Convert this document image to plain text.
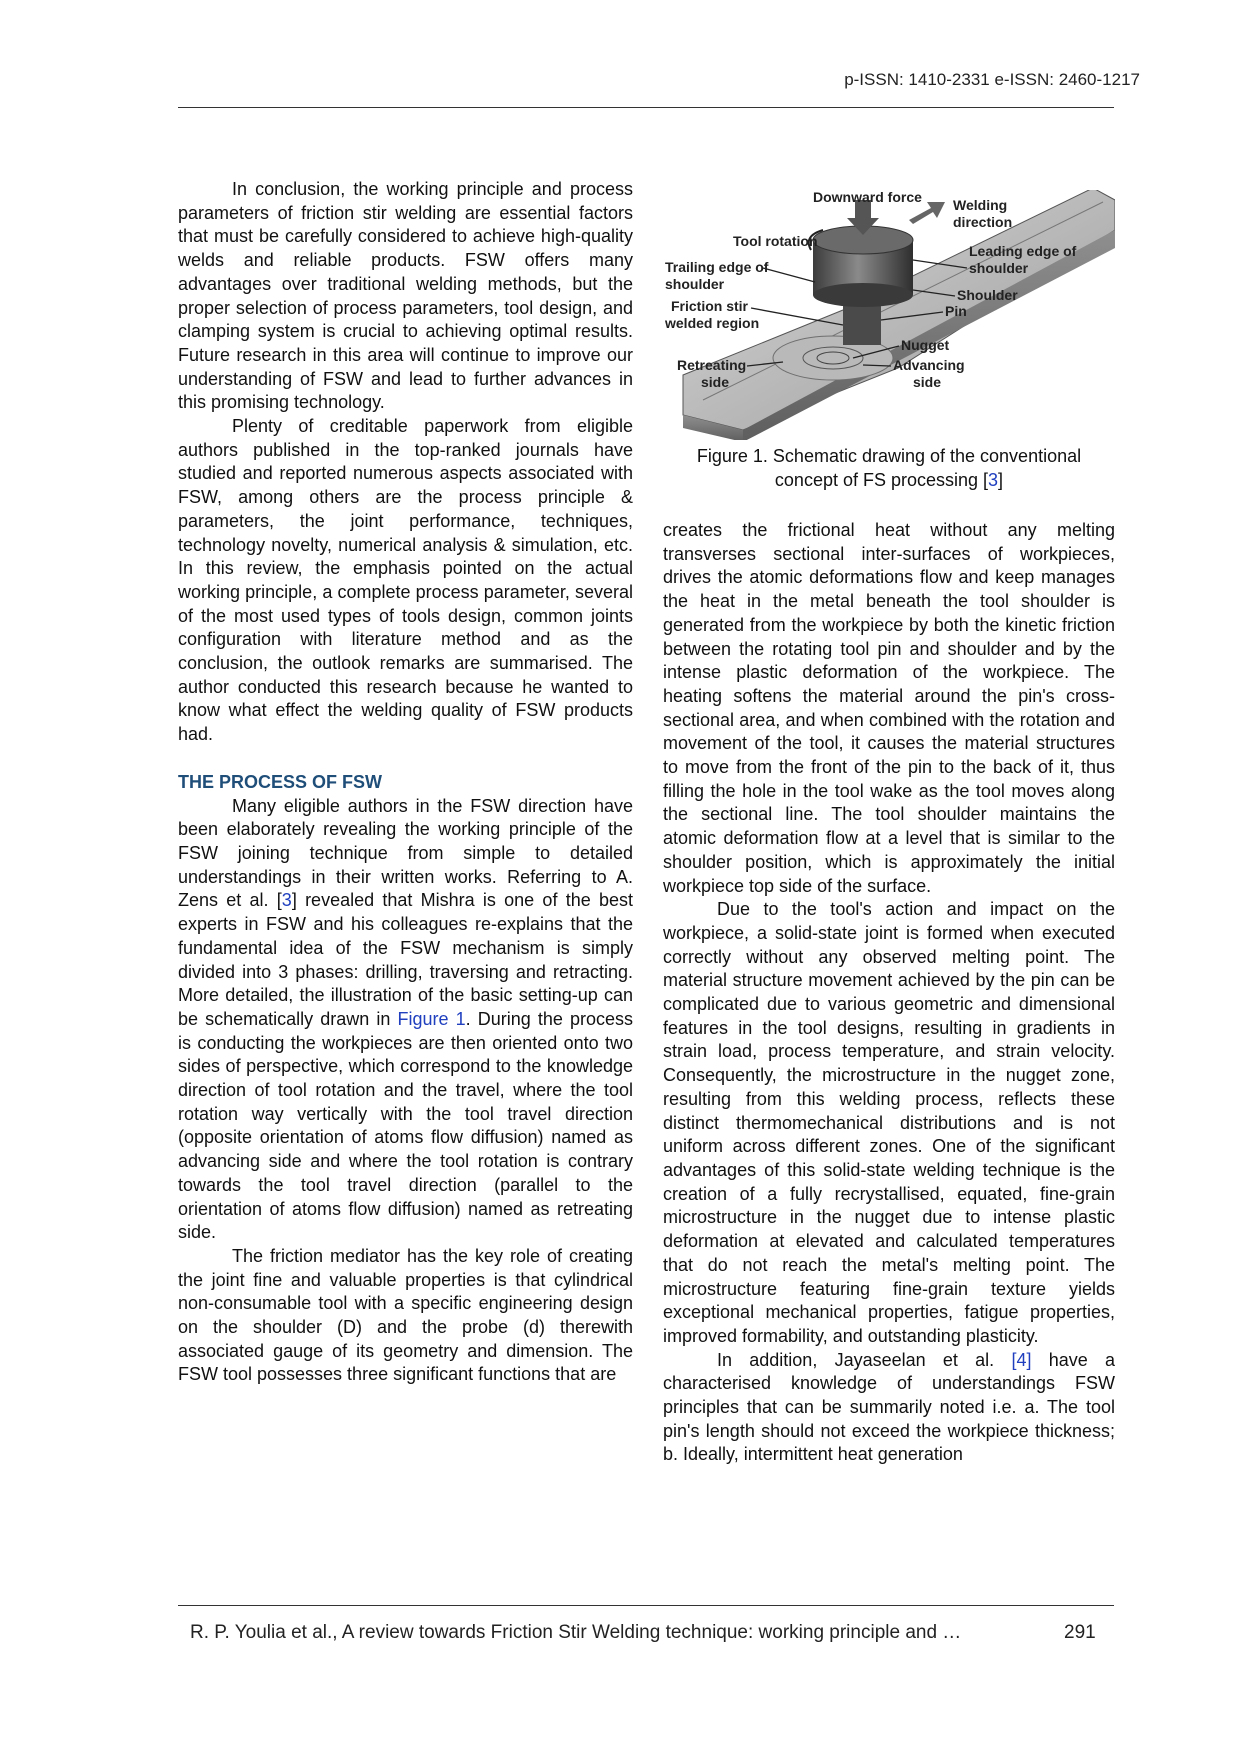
p-ISSN: 1410-2331 e-ISSN: 2460-1217

In conclusion, the working principle and process parameters of friction stir welding are essential factors that must be carefully considered to achieve high-quality welds and reliable products. FSW offers many advantages over traditional welding methods, but the proper selection of process parameters, tool design, and clamping system is crucial to achieving optimal results. Future research in this area will continue to improve our understanding of FSW and lead to further advances in this promising technology.

Plenty of creditable paperwork from eligible authors published in the top-ranked journals have studied and reported numerous aspects associated with FSW, among others are the process principle & parameters, the joint performance, techniques, technology novelty, numerical analysis & simulation, etc. In this review, the emphasis pointed on the actual working principle, a complete process parameter, several of the most used types of tools design, common joints configuration with literature method and as the conclusion, the outlook remarks are summarised. The author conducted this research because he wanted to know what effect the welding quality of FSW products had.

THE PROCESS OF FSW

Many eligible authors in the FSW direction have been elaborately revealing the working principle of the FSW joining technique from simple to detailed understandings in their written works. Referring to A. Zens et al. [3] revealed that Mishra is one of the best experts in FSW and his colleagues re-explains that the fundamental idea of the FSW mechanism is simply divided into 3 phases: drilling, traversing and retracting. More detailed, the illustration of the basic setting-up can be schematically drawn in Figure 1. During the process is conducting the workpieces are then oriented onto two sides of perspective, which correspond to the knowledge direction of tool rotation and the travel, where the tool rotation way vertically with the tool travel direction (opposite orientation of atoms flow diffusion) named as advancing side and where the tool rotation is contrary towards the tool travel direction (parallel to the orientation of atoms flow diffusion) named as retreating side.

The friction mediator has the key role of creating the joint fine and valuable properties is that cylindrical non-consumable tool with a specific engineering design on the shoulder (D) and the probe (d) therewith associated gauge of its geometry and dimension. The FSW tool possesses three significant functions that are

Downward force Welding
direction
Tool rotation
Leading edge of
shoulder
Trailing edge of
shoulder
Shoulder
Pin
Friction stir
welded region
Nugget
Retreating
side
Advancing
side
Figure 1. Schematic drawing of the conventional
concept of FS processing [3]

creates the frictional heat without any melting transverses sectional inter-surfaces of workpieces, drives the atomic deformations flow and keep manages the heat in the metal beneath the tool shoulder is generated from the workpiece by both the kinetic friction between the rotating tool pin and shoulder and by the intense plastic deformation of the workpiece. The heating softens the material around the pin's cross-sectional area, and when combined with the rotation and movement of the tool, it causes the material structures to move from the front of the pin to the back of it, thus filling the hole in the tool wake as the tool moves along the sectional line. The tool shoulder maintains the atomic deformation flow at a level that is similar to the shoulder position, which is approximately the initial workpiece top side of the surface.

Due to the tool's action and impact on the workpiece, a solid-state joint is formed when executed correctly without any observed melting point. The material structure movement achieved by the pin can be complicated due to various geometric and dimensional features in the tool designs, resulting in gradients in strain load, process temperature, and strain velocity. Consequently, the microstructure in the nugget zone, resulting from this welding process, reflects these distinct thermomechanical distributions and is not uniform across different zones. One of the significant advantages of this solid-state welding technique is the creation of a fully recrystallised, equated, fine-grain microstructure in the nugget due to intense plastic deformation at elevated and calculated temperatures that do not reach the metal's melting point. The microstructure featuring fine-grain texture yields exceptional mechanical properties, fatigue properties, improved formability, and outstanding plasticity.

In addition, Jayaseelan et al. [4] have a characterised knowledge of understandings FSW principles that can be summarily noted i.e. a. The tool pin's length should not exceed the workpiece thickness; b. Ideally, intermittent heat generation

R. P. Youlia et al., A review towards Friction Stir Welding technique: working principle and …	291
